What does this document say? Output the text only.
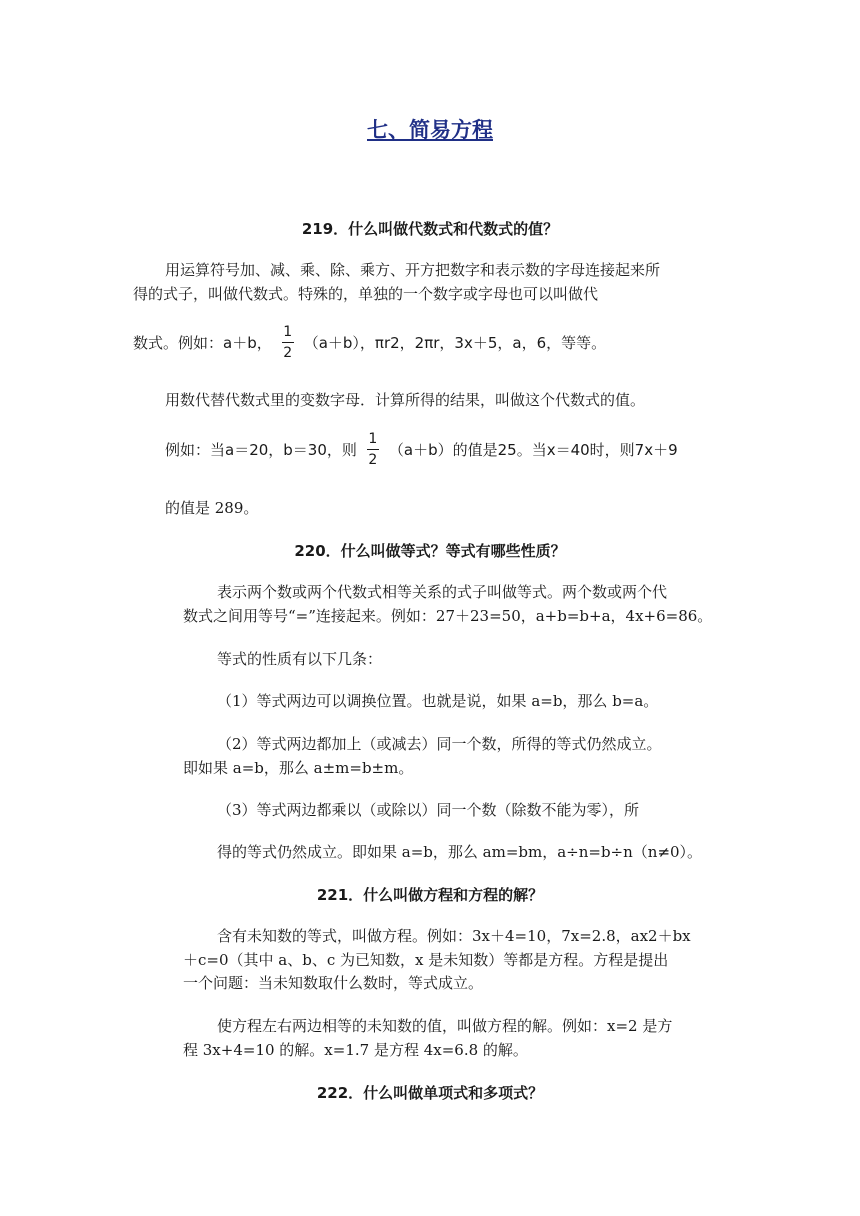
七、简易方程
219．什么叫做代数式和代数式的值？
用运算符号加、减、乘、除、乘方、开方把数字和表示数的字母连接起来所
得的式子，叫做代数式。特殊的，单独的一个数字或字母也可以叫做代
数式。例如：a＋b， $\frac{1}{2} (a+b)$，πr2，2πr，3x＋5，a，6，等等。
用数代替代数式里的变数字母．计算所得的结果，叫做这个代数式的值。
例如：当a＝20，b＝30，则 $\frac{1}{2} (a+b)$的值是25。当x＝40时，则7x＋9
的值是 289。
220．什么叫做等式？等式有哪些性质？
表示两个数或两个代数式相等关系的式子叫做等式。两个数或两个代
数式之间用等号“=”连接起来。例如：27＋23=50，a+b=b+a，4x+6=86。
等式的性质有以下几条：
（1）等式两边可以调换位置。也就是说，如果 a=b，那么 b=a。
（2）等式两边都加上（或减去）同一个数，所得的等式仍然成立。
即如果 a=b，那么 a±m=b±m。
（3）等式两边都乘以（或除以）同一个数（除数不能为零），所
得的等式仍然成立。即如果 a=b，那么 am=bm，a÷n=b÷n（n≠0）。
221．什么叫做方程和方程的解？
含有未知数的等式，叫做方程。例如：3x＋4=10，7x=2.8，ax2＋bx
＋c=0（其中 a、b、c 为已知数，x 是未知数）等都是方程。方程是提出
一个问题：当未知数取什么数时，等式成立。
使方程左右两边相等的未知数的值，叫做方程的解。例如：x=2 是方
程 3x+4=10 的解。x=1.7 是方程 4x=6.8 的解。
222．什么叫做单项式和多项式？
